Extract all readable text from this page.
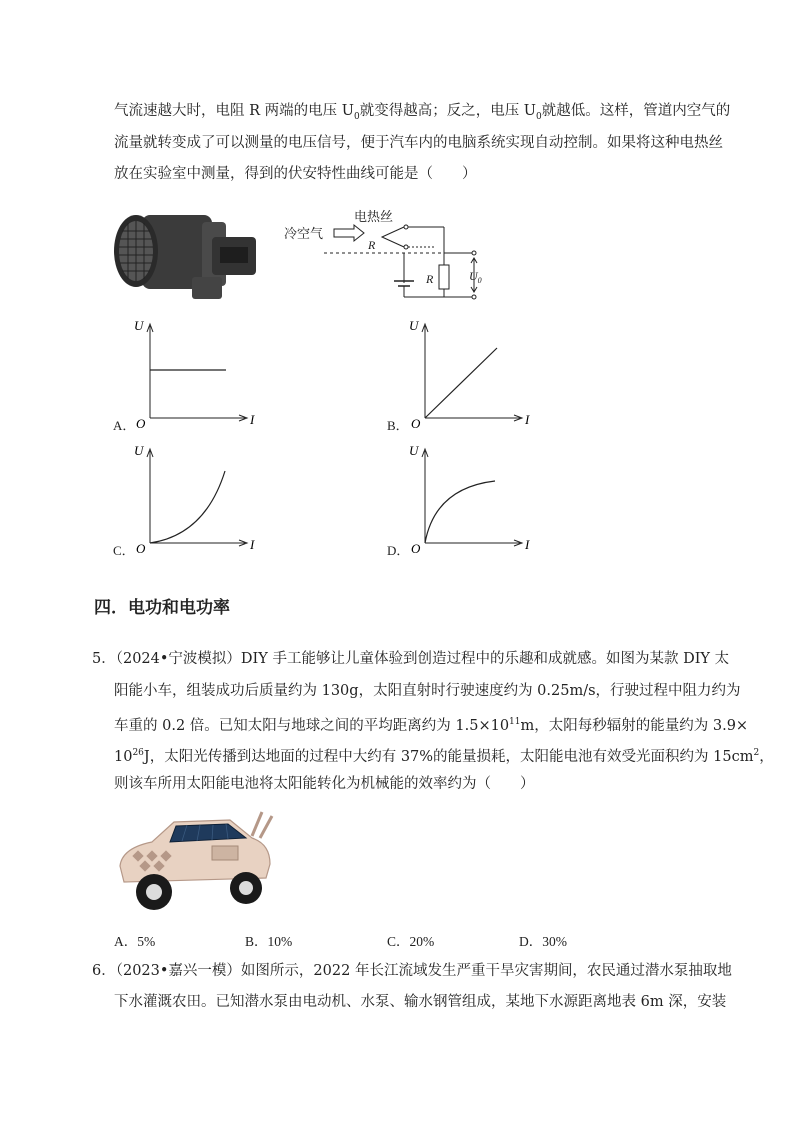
气流速越大时，电阻 R 两端的电压 $U_0$就变得越高；反之，电压 $U_0$就越低。这样，管道内空气的
流量就转变成了可以测量的电压信号，便于汽车内的电脑系统实现自动控制。如果将这种电热丝
放在实验室中测量，得到的伏安特性曲线可能是（　　）
冷空气
电热丝
R
R	$U_0$
A．
U
I
O	B．
U
I
O
C．
U
I
O	D．
U
I
O
四．电功和电功率
5．（2024•宁波模拟）DIY 手工能够让儿童体验到创造过程中的乐趣和成就感。如图为某款 DIY 太
阳能小车，组装成功后质量约为 130g，太阳直射时行驶速度约为 0.25m/s，行驶过程中阻力约为
车重的 0.2 倍。已知太阳与地球之间的平均距离约为 $1.5\times 10^{11}m$，太阳每秒辐射的能量约为 3.9×
$10^{26}J$，太阳光传播到达地面的过程中大约有 37%的能量损耗，太阳能电池有效受光面积约为 $15cm^2$，
则该车所用太阳能电池将太阳能转化为机械能的效率约为（　　）
A．5%	B．10%	C．20%	D．30%
6．（2023•嘉兴一模）如图所示，2022 年长江流域发生严重干旱灾害期间，农民通过潜水泵抽取地
下水灌溉农田。已知潜水泵由电动机、水泵、输水钢管组成，某地下水源距离地表 6m 深，安装
